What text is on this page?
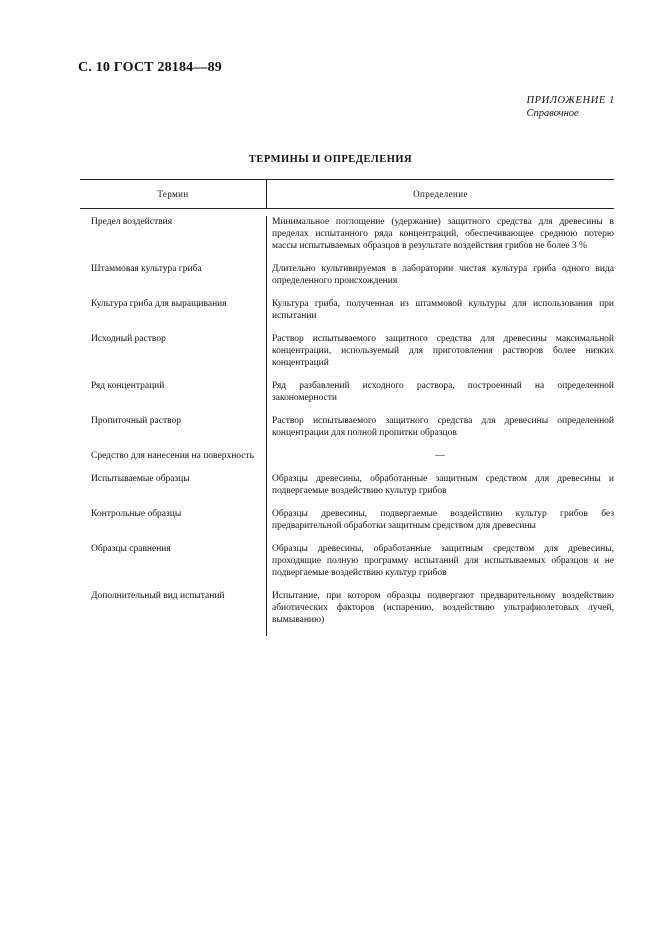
С. 10 ГОСТ 28184—89
ПРИЛОЖЕНИЕ 1
Справочное
ТЕРМИНЫ И ОПРЕДЕЛЕНИЯ
Термин	Определение
Предел воздействия	Минимальное поглощение (удержание) защитного средства для древесины в пределах испытанного ряда концентраций, обеспечивающее среднюю потерю массы испытываемых образцов в результате воздействия грибов не более 3 %
Штаммовая культура гриба	Длительно культивируемая в лаборатории чистая культура гриба одного вида определенного происхождения
Культура гриба для выращивания	Культура гриба, полученная из штаммовой культуры для использования при испытании
Исходный раствор	Раствор испытываемого защитного средства для древесины максимальной концентрации, используемый для приготовления растворов более низких концентраций
Ряд концентраций	Ряд разбавлений исходного раствора, построенный на определенной закономерности
Пропиточный раствор	Раствор испытываемого защитного средства для древесины определенной концентрации для полной пропитки образцов
Средство для нанесения на поверхность	—
Испытываемые образцы	Образцы древесины, обработанные защитным средством для древесины и подвергаемые воздействию культур грибов
Контрольные образцы	Образцы древесины, подвергаемые воздействию культур грибов без предварительной обработки защитным средством для древесины
Образцы сравнения	Образцы древесины, обработанные защитным средством для древесины, проходящие полную программу испытаний для испытываемых образцов и не подвергаемые воздействию культур грибов
Дополнительный вид испытаний	Испытание, при котором образцы подвергают предварительному воздействию абиотических факторов (испарению, воздействию ультрафиолетовых лучей, вымыванию)
